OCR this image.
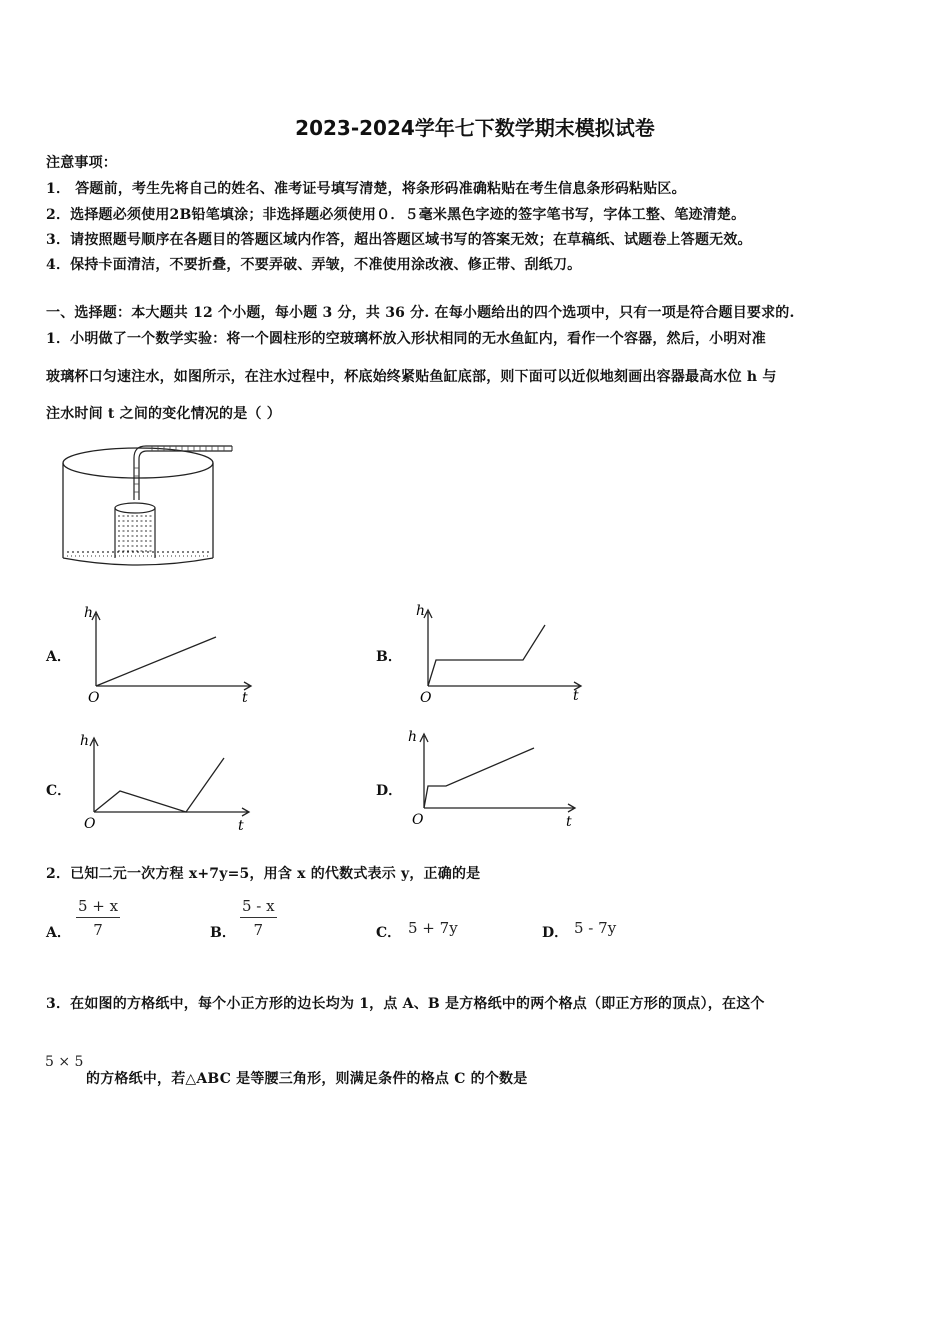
2023-2024学年七下数学期末模拟试卷
注意事项：
1． 答题前，考生先将自己的姓名、准考证号填写清楚，将条形码准确粘贴在考生信息条形码粘贴区。
2．选择题必须使用2B铅笔填涂；非选择题必须使用０．５毫米黑色字迹的签字笔书写，字体工整、笔迹清楚。
3．请按照题号顺序在各题目的答题区域内作答，超出答题区域书写的答案无效；在草稿纸、试题卷上答题无效。
4．保持卡面清洁，不要折叠，不要弄破、弄皱，不准使用涂改液、修正带、刮纸刀。
一、选择题：本大题共 12 个小题，每小题 3 分，共 36 分. 在每小题给出的四个选项中，只有一项是符合题目要求的.
1．小明做了一个数学实验：将一个圆柱形的空玻璃杯放入形状相同的无水鱼缸内，看作一个容器，然后，小明对准
玻璃杯口匀速注水，如图所示，在注水过程中，杯底始终紧贴鱼缸底部，则下面可以近似地刻画出容器最高水位 h 与
注水时间 t 之间的变化情况的是（ ）
A．
h
O	t
B．
h
O	t
C．
h
O	t
D．
h
O	t
2．已知二元一次方程 x+7y=5，用含 x 的代数式表示 y，正确的是
A．
5 + x
7	B．
5 - x
7	C． 5 + 7y	D． 5 - 7y
3．在如图的方格纸中，每个小正方形的边长均为 1，点 A、B 是方格纸中的两个格点（即正方形的顶点），在这个
5 × 5
的方格纸中，若△ABC 是等腰三角形，则满足条件的格点 C 的个数是
